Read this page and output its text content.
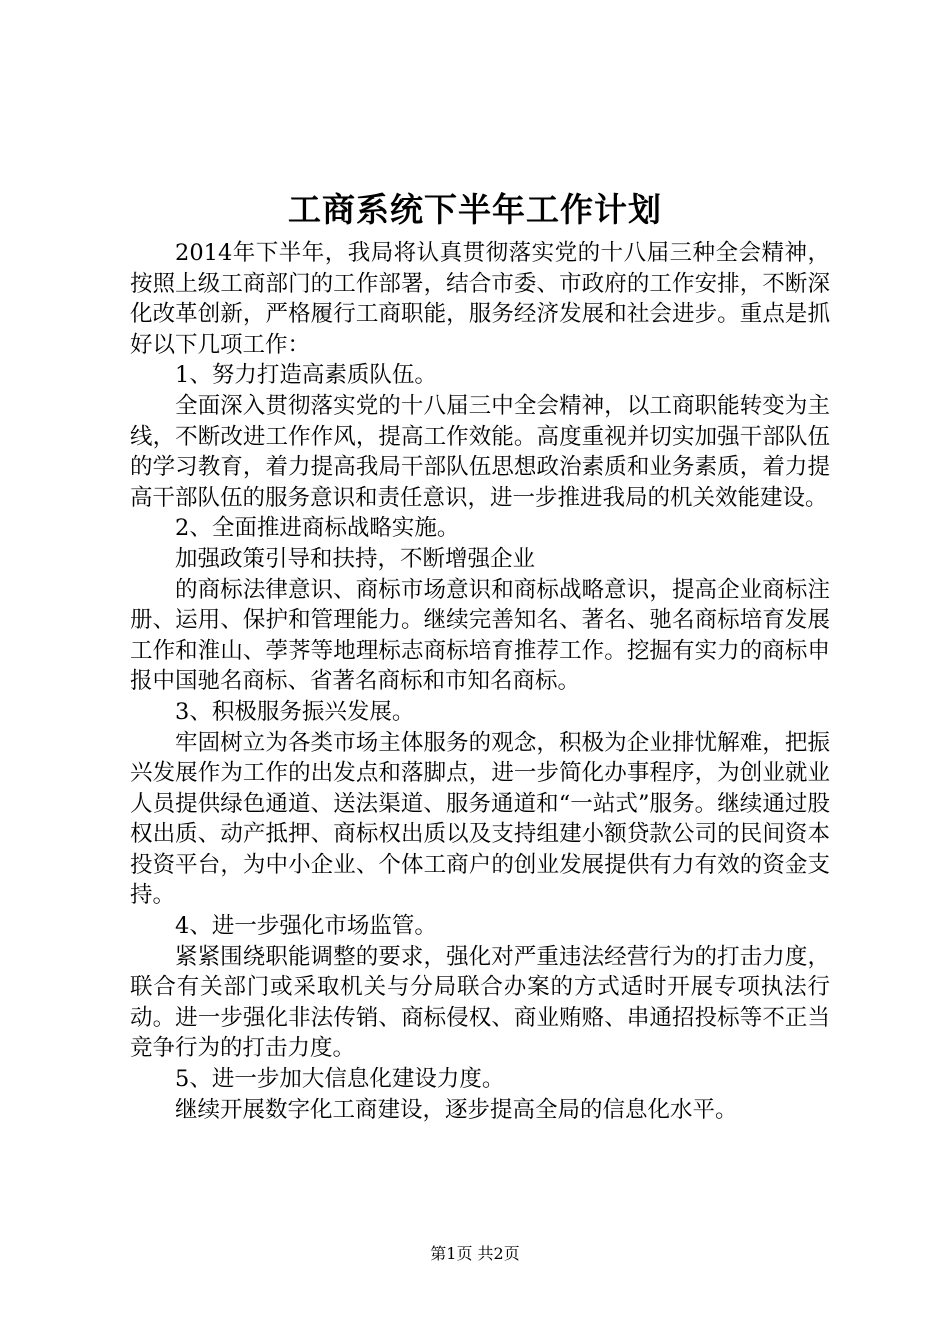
工商系统下半年工作计划

2014年下半年，我局将认真贯彻落实党的十八届三种全会精神，按照上级工商部门的工作部署，结合市委、市政府的工作安排，不断深化改革创新，严格履行工商职能，服务经济发展和社会进步。重点是抓好以下几项工作：

1、努力打造高素质队伍。

全面深入贯彻落实党的十八届三中全会精神，以工商职能转变为主线，不断改进工作作风，提高工作效能。高度重视并切实加强干部队伍的学习教育，着力提高我局干部队伍思想政治素质和业务素质，着力提高干部队伍的服务意识和责任意识，进一步推进我局的机关效能建设。

2、全面推进商标战略实施。

加强政策引导和扶持，不断增强企业

的商标法律意识、商标市场意识和商标战略意识，提高企业商标注册、运用、保护和管理能力。继续完善知名、著名、驰名商标培育发展工作和淮山、荸荠等地理标志商标培育推荐工作。挖掘有实力的商标申报中国驰名商标、省著名商标和市知名商标。

3、积极服务振兴发展。

牢固树立为各类市场主体服务的观念，积极为企业排忧解难，把振兴发展作为工作的出发点和落脚点，进一步简化办事程序，为创业就业人员提供绿色通道、送法渠道、服务通道和“一站式”服务。继续通过股权出质、动产抵押、商标权出质以及支持组建小额贷款公司的民间资本投资平台，为中小企业、个体工商户的创业发展提供有力有效的资金支持。

4、进一步强化市场监管。

紧紧围绕职能调整的要求，强化对严重违法经营行为的打击力度，联合有关部门或采取机关与分局联合办案的方式适时开展专项执法行动。进一步强化非法传销、商标侵权、商业贿赂、串通招投标等不正当竞争行为的打击力度。

5、进一步加大信息化建设力度。

继续开展数字化工商建设，逐步提高全局的信息化水平。

第1页 共2页
